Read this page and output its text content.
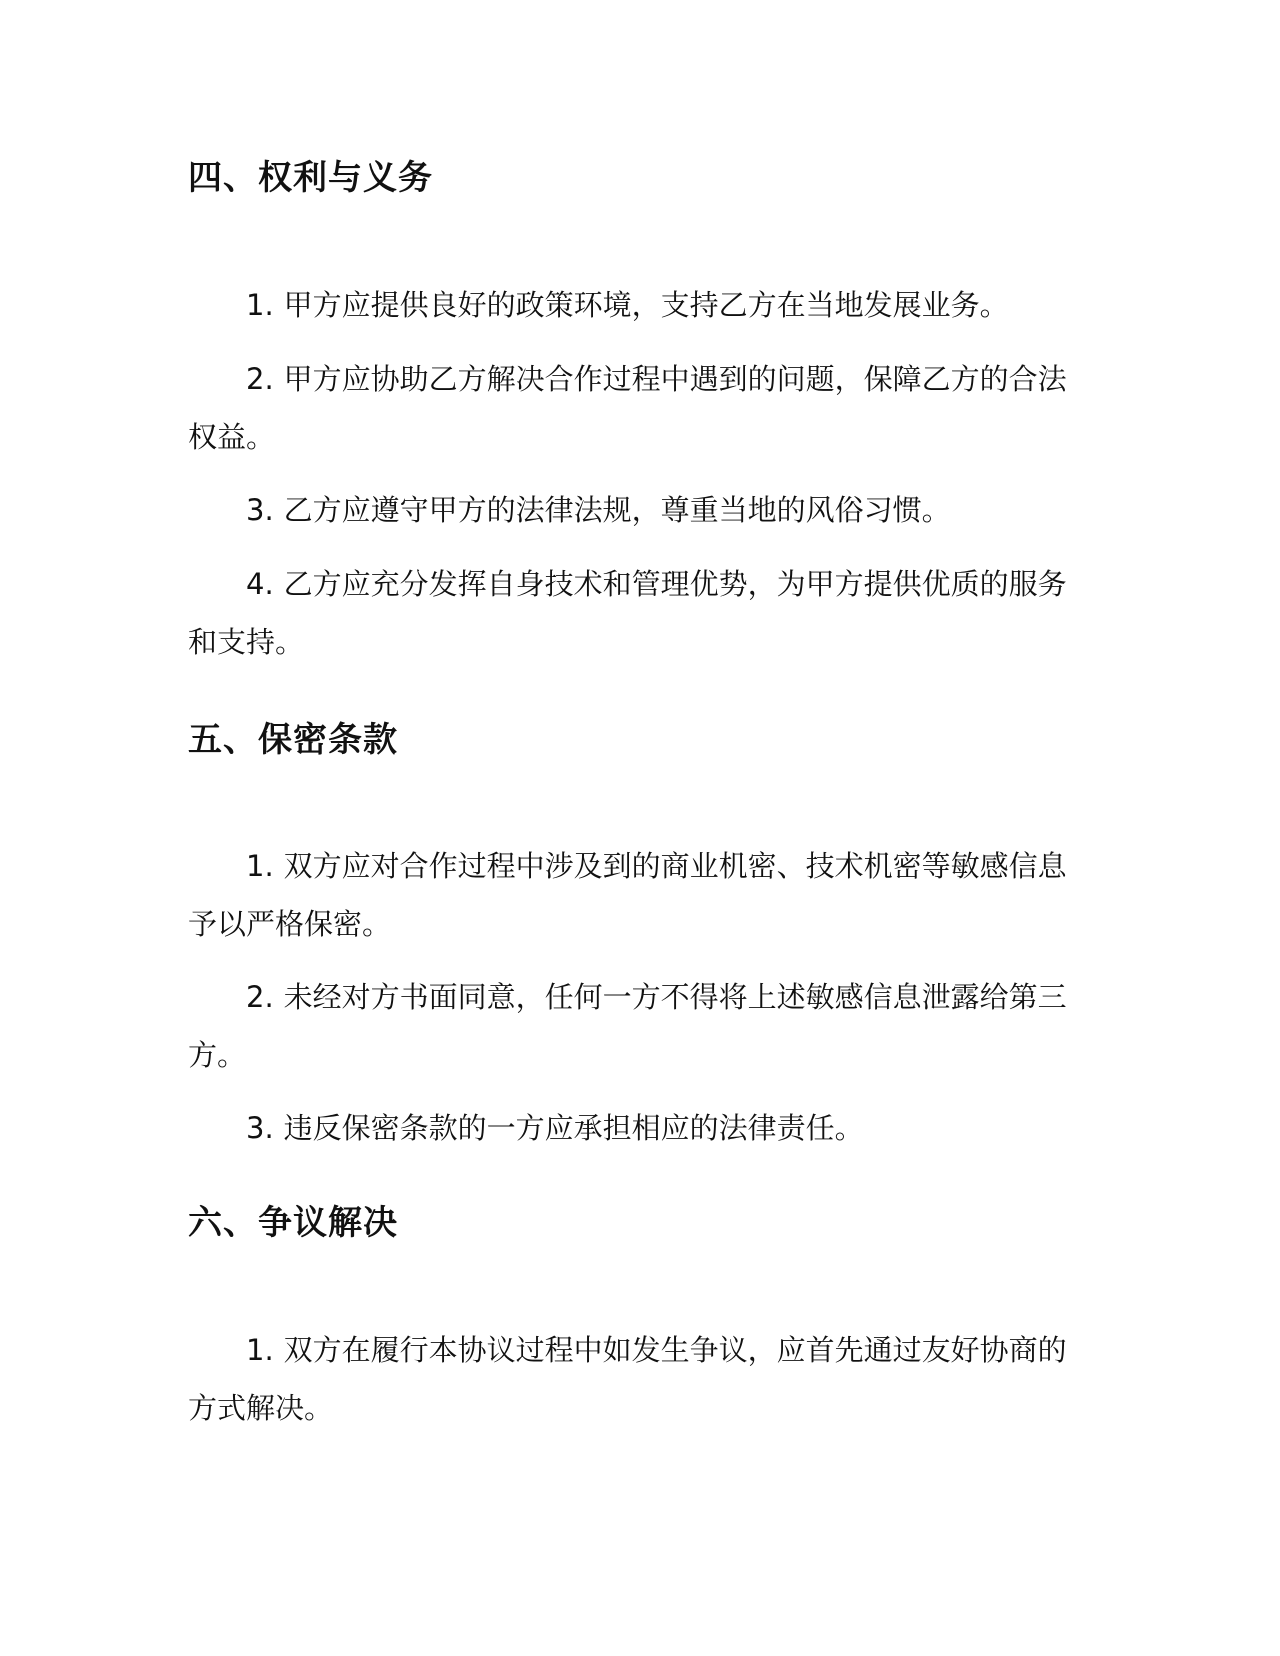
四、权利与义务

1. 甲方应提供良好的政策环境，支持乙方在当地发展业务。

2. 甲方应协助乙方解决合作过程中遇到的问题，保障乙方的合法权益。

3. 乙方应遵守甲方的法律法规，尊重当地的风俗习惯。

4. 乙方应充分发挥自身技术和管理优势，为甲方提供优质的服务和支持。

五、保密条款

1. 双方应对合作过程中涉及到的商业机密、技术机密等敏感信息予以严格保密。

2. 未经对方书面同意，任何一方不得将上述敏感信息泄露给第三方。

3. 违反保密条款的一方应承担相应的法律责任。

六、争议解决

1. 双方在履行本协议过程中如发生争议，应首先通过友好协商的方式解决。
